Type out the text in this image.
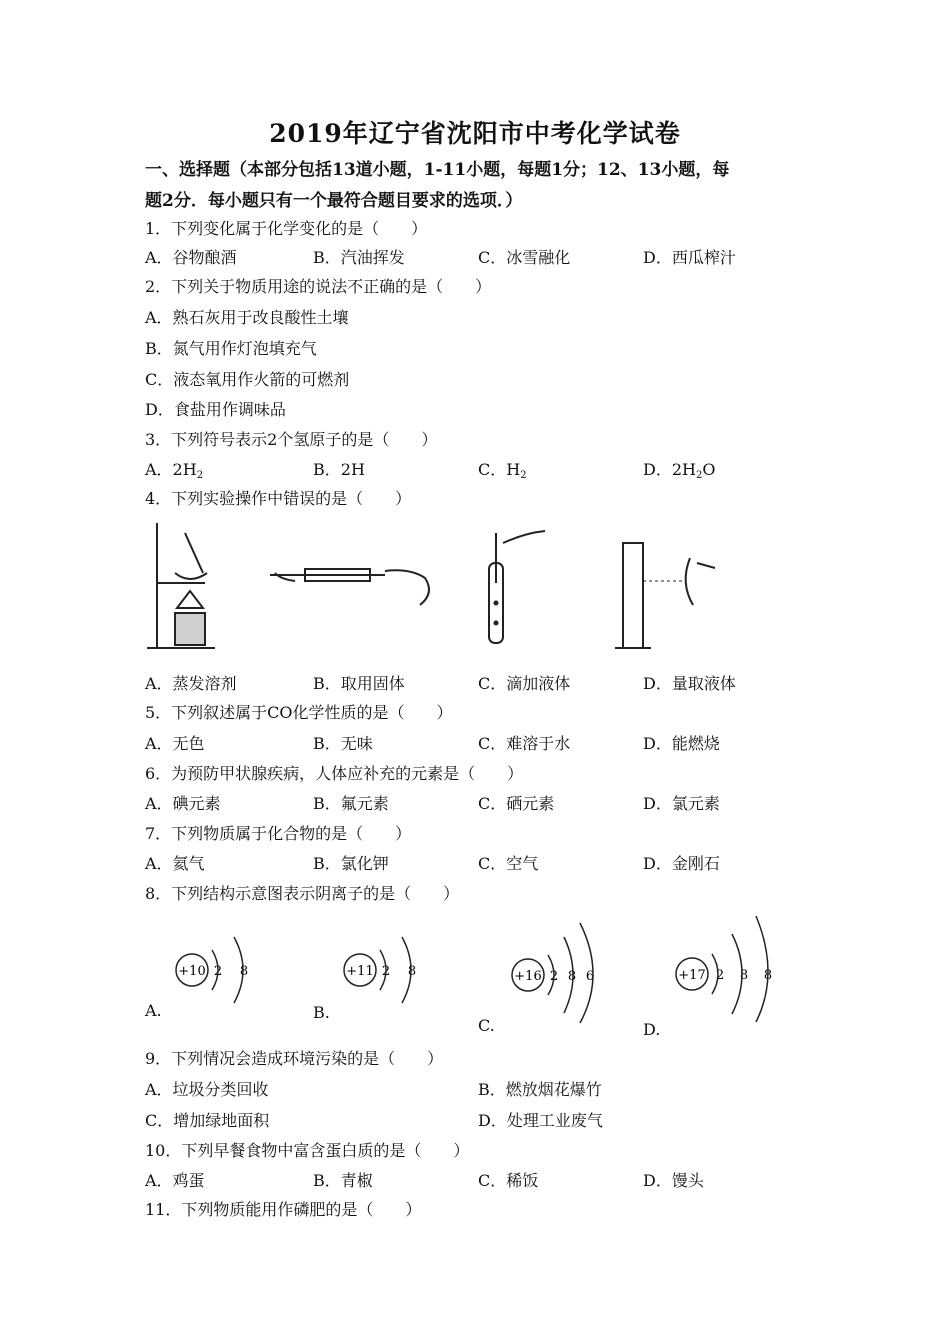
2019年辽宁省沈阳市中考化学试卷
一、选择题（本部分包括13道小题，1-11小题，每题1分；12、13小题，每
题2分．每小题只有一个最符合题目要求的选项．）
1．下列变化属于化学变化的是（　　）
A．谷物酿酒	B．汽油挥发	C．冰雪融化	D．西瓜榨汁
2．下列关于物质用途的说法不正确的是（　　）
A．熟石灰用于改良酸性土壤
B．氮气用作灯泡填充气
C．液态氧用作火箭的可燃剂
D．食盐用作调味品
3．下列符号表示2个氢原子的是（　　）
A．$2H_2$	B．2H	C．$H_2$	D．$2H_2O$
4．下列实验操作中错误的是（　　）
A．蒸发溶剂	B．取用固体	C．滴加液体	D．量取液体
5．下列叙述属于CO化学性质的是（　　）
A．无色	B．无味	C．难溶于水	D．能燃烧
6．为预防甲状腺疾病，人体应补充的元素是（　　）
A．碘元素	B．氟元素	C．硒元素	D．氯元素
7．下列物质属于化合物的是（　　）
A．氦气	B．氯化钾	C．空气	D．金刚石
8．下列结构示意图表示阴离子的是（　　）
+10 2 8
A.
+11 2 8
B.
+16 2 8 6
C.
+17 2 8 8
D.
9．下列情况会造成环境污染的是（　　）
A．垃圾分类回收	B．燃放烟花爆竹
C．增加绿地面积	D．处理工业废气
10．下列早餐食物中富含蛋白质的是（　　）
A．鸡蛋	B．青椒	C．稀饭	D．馒头
11．下列物质能用作磷肥的是（　　）
